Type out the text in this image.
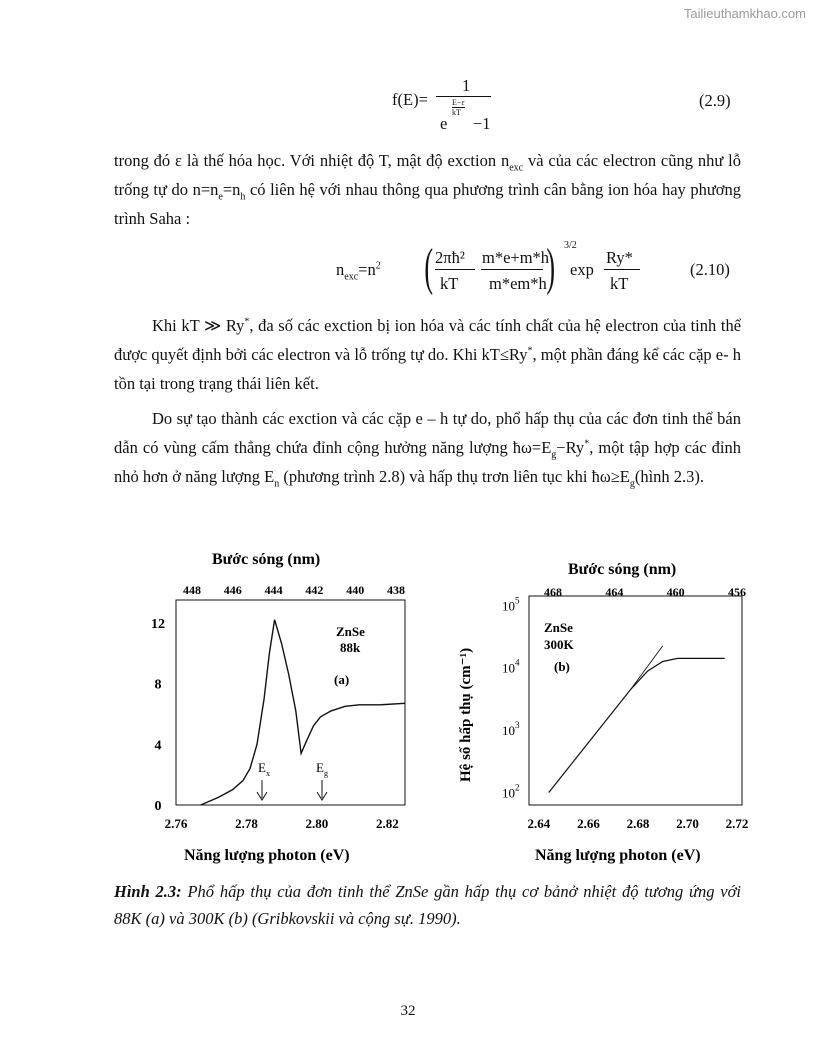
Tailieuthamkhao.com
f(E)=
1
E−ε
kT
e −1
(2.9)
trong đó ε là thế hóa học. Với nhiệt độ T, mật độ exction $n_{exc}$ và của các electron cũng như lỗ trống tự do $n=n_e=n_h$ có liên hệ với nhau thông qua phương trình cân bằng ion hóa hay phương trình Saha :
$n_{exc}=n^2$ ( 2πħ²
kT
m*e+m*h
m*em*h ) 3/2
exp
Ry*
kT
(2.10)
Khi kT ≫ Ry*, đa số các exction bị ion hóa và các tính chất của hệ electron của tinh thể được quyết định bởi các electron và lỗ trống tự do. Khi kT≤Ry*, một phần đáng kể các cặp e- h tồn tại trong trạng thái liên kết.
Do sự tạo thành các exction và các cặp e – h tự do, phổ hấp thụ của các đơn tinh thể bán dẫn có vùng cấm thẳng chứa đỉnh cộng hưởng năng lượng $ħ\omega=E_g-Ry^*$, một tập hợp các đỉnh nhỏ hơn ở năng lượng $E_n$ (phương trình 2.8) và hấp thụ trơn liên tục khi $ħ\omega\ge E_g(hình$ 2.3).
Bước sóng (nm)
448 446 444 442 440 438
0
4
8
12
2.76	2.78	2.80	2.82
ZnSe
88k
(a)
$E_x$	$E_g$
Năng lượng photon (eV)
Bước sóng (nm)
468	464	460	456
Hệ số hấp thụ (cm⁻¹)
$10^2$
$10^3$
$10^4$
$10^5$
2.64 2.66 2.68 2.70 2.72
ZnSe
300K
(b)
Năng lượng photon (eV)
Hình 2.3: Phổ hấp thụ của đơn tinh thể ZnSe gần hấp thụ cơ bảnở nhiệt độ tương ứng với 88K (a) và 300K (b) (Gribkovskii và cộng sự. 1990).
32
